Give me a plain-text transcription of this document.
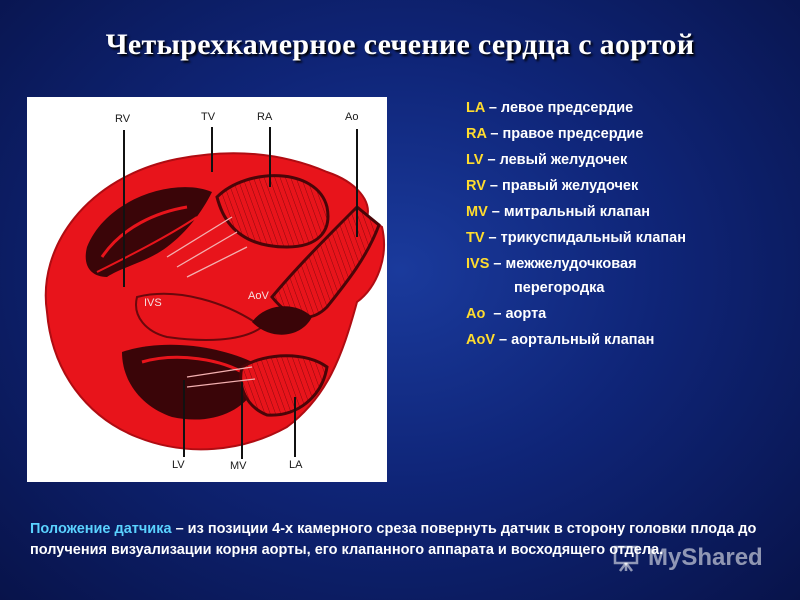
Четырехкамерное сечение сердца с аортой
RV	TV	RA	Ao
IVS
AoV
LV	MV	LA
LA – левое предсердие
RA – правое предсердие
LV – левый желудочек
RV – правый желудочек
MV – митральный клапан
TV – трикуспидальный клапан
IVS – межжелудочковая
перегородка
Ao  – аорта
AoV – аортальный клапан
Положение датчика – из позиции 4-х камерного среза повернуть датчик в сторону головки плода до получения визуализации корня аорты, его клапанного аппарата и восходящего отдела.
MyShared
